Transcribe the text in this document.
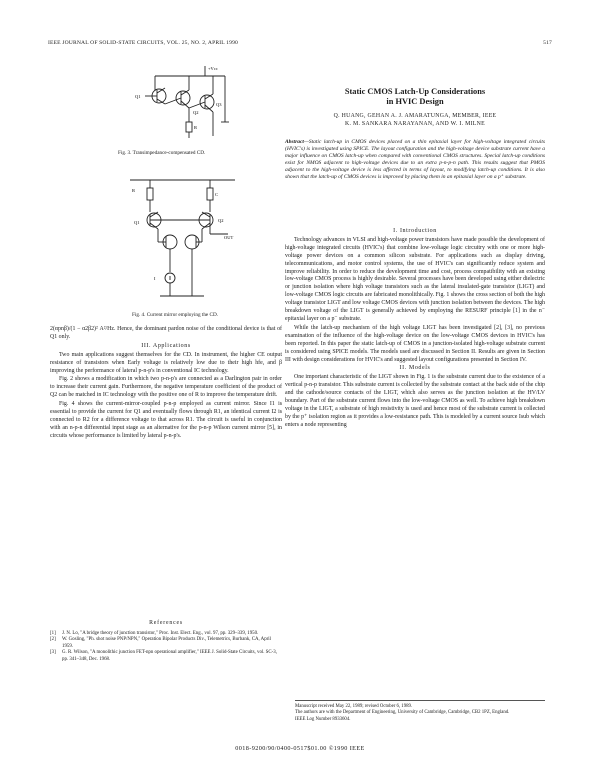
IEEE JOURNAL OF SOLID-STATE CIRCUITS, VOL. 25, NO. 2, APRIL 1990	517
+Vcc
Q1
Q2
Q3
R
Fig. 3. Transimpedance-compensated CD.
R
C
Q1	Q2
OUT
I
Fig. 4. Current mirror employing the CD.

2(αpnβ)/(1 − α2β2)² A²/Hz. Hence, the dominant pardon noise of the conditional device is that of Q1 only.

III. Applications

Two main applications suggest themselves for the CD. In instrument, the higher CE output resistance of transistors when Early voltage is relatively low due to their high hfe, and β improving the performance of lateral p-n-p's in conventional IC technology.

Fig. 2 shows a modification in which two p-n-p's are connected as a Darlington pair in order to increase their current gain. Furthermore, the negative temperature coefficient of the product of Q2 can be matched in IC technology with the positive one of R to improve the temperature drift.

Fig. 4 shows the current-mirror-coupled p-n-p employed as current mirror. Since I1 is essential to provide the current for Q1 and eventually flows through R1, an identical current I2 is connected to R2 for a difference voltage to that across R1. The circuit is useful in conjunction with an n-p-n differential input stage as an alternative for the p-n-p Wilson current mirror [5], in circuits whose performance is limited by lateral p-n-p's.

References
[1]	J. N. Lo, "A bridge theory of junction transistor," Proc. Inst. Elect. Eng., vol. 97, pp. 329–339, 1950.
[2]	W. Gosling, "Ph. shot noise PNP/NPN," Operation Bipolar Products Div., Telemetrics, Burbank, CA, April 1959.
[3]	G. R. Wilson, "A monolithic junction FET-npn operational amplifier," IEEE J. Solid-State Circuits, vol. SC-3, pp. 341–348, Dec. 1968.
Static CMOS Latch-Up Considerations
in HVIC Design
Q. HUANG, GEHAN A. J. AMARATUNGA, MEMBER, IEEE
K. M. SANKARA NARAYANAN, AND W. I. MILNE
Abstract—Static latch-up in CMOS devices placed on a thin epitaxial layer for high-voltage integrated circuits (HVIC's) is investigated using SPICE. The layout configuration and the high-voltage device substrate current have a major influence on CMOS latch-up when compared with conventional CMOS structures. Special latch-up conditions exist for NMOS adjacent to high-voltage devices due to an extra p-n-p-n path. This results suggest that PMOS adjacent to the high-voltage device is less affected in terms of layout, to modifying latch-up conditions. It is also shown that the latch-up of CMOS devices is improved by placing them in an epitaxial layer on a p⁺ substrate.

I. Introduction

Technology advances in VLSI and high-voltage power transistors have made possible the development of high-voltage integrated circuits (HVIC's) that combine low-voltage logic circuitry with one or more high-voltage power devices on a common silicon substrate. For applications such as display driving, telecommunications, and motor control systems, the use of HVIC's can significantly reduce system and improve reliability. In order to reduce the development time and cost, process compatibility with an existing low-voltage CMOS process is highly desirable. Several processes have been developed using either dielectric or junction isolation where high voltage transistors such as the lateral insulated-gate transistor (LIGT) and low-voltage CMOS logic circuits are fabricated monolithically. Fig. 1 shows the cross section of both the high voltage transistor LIGT and low voltage CMOS devices with junction isolation between the devices. The high breakdown voltage of the LIGT is generally achieved by employing the RESURF principle [1] in the n⁻ epitaxial layer on a p⁻ substrate.

While the latch-up mechanism of the high voltage LIGT has been investigated [2], [3], no previous examination of the influence of the high-voltage device on the low-voltage CMOS devices in HVIC's has been reported. In this paper the static latch-up of CMOS in a junction-isolated high-voltage substrate current is considered using SPICE models. The models used are discussed in Section II. Results are given in Section III with design considerations for HVIC's and suggested layout configurations presented in Section IV.

II. Models

One important characteristic of the LIGT shown in Fig. 1 is the substrate current due to the existence of a vertical p-n-p transistor. This substrate current is collected by the substrate contact at the back side of the chip and the cathode/source contacts of the LIGT, which also serves as the junction isolation at the HV/LV boundary. Part of the substrate current flows into the low-voltage CMOS as well. To achieve high breakdown voltage in the LIGT, a substrate of high resistivity is used and hence most of the substrate current is collected by the p⁺ isolation region as it provides a low-resistance path. This is modeled by a current source Isub which enters a node representing

Manuscript received May 22, 1989; revised October 6, 1989.
The authors are with the Department of Engineering, University of Cambridge, Cambridge, CB2 1PZ, England.
IEEE Log Number 8933604.
0018-9200/90/0400-0517$01.00 ©1990 IEEE
